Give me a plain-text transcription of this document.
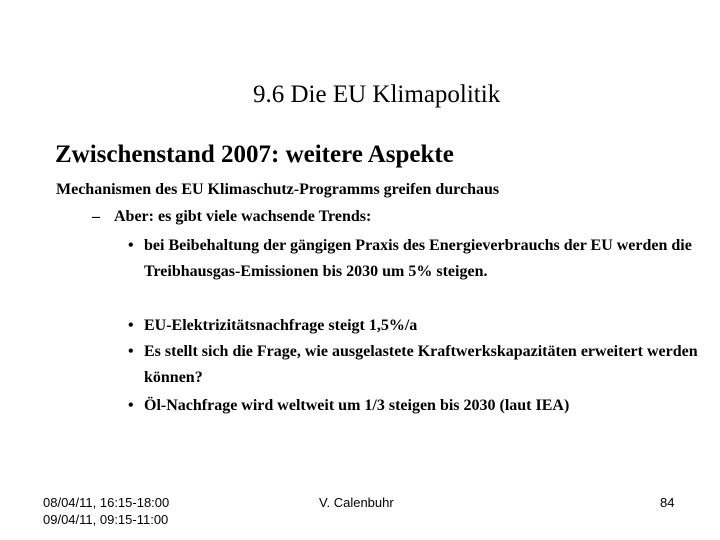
9.6 Die EU Klimapolitik
Zwischenstand 2007: weitere Aspekte
Mechanismen des EU Klimaschutz-Programms greifen durchaus
– Aber: es gibt viele wachsende Trends:
• bei Beibehaltung der gängigen Praxis des Energieverbrauchs der EU werden die Treibhausgas-Emissionen bis 2030 um 5% steigen.
• EU-Elektrizitätsnachfrage steigt 1,5%/a
• Es stellt sich die Frage, wie ausgelastete Kraftwerkskapazitäten erweitert werden können?
• Öl-Nachfrage wird weltweit um 1/3 steigen bis 2030 (laut IEA)
08/04/11, 16:15-18:00
09/04/11, 09:15-11:00
V. Calenbuhr	84
